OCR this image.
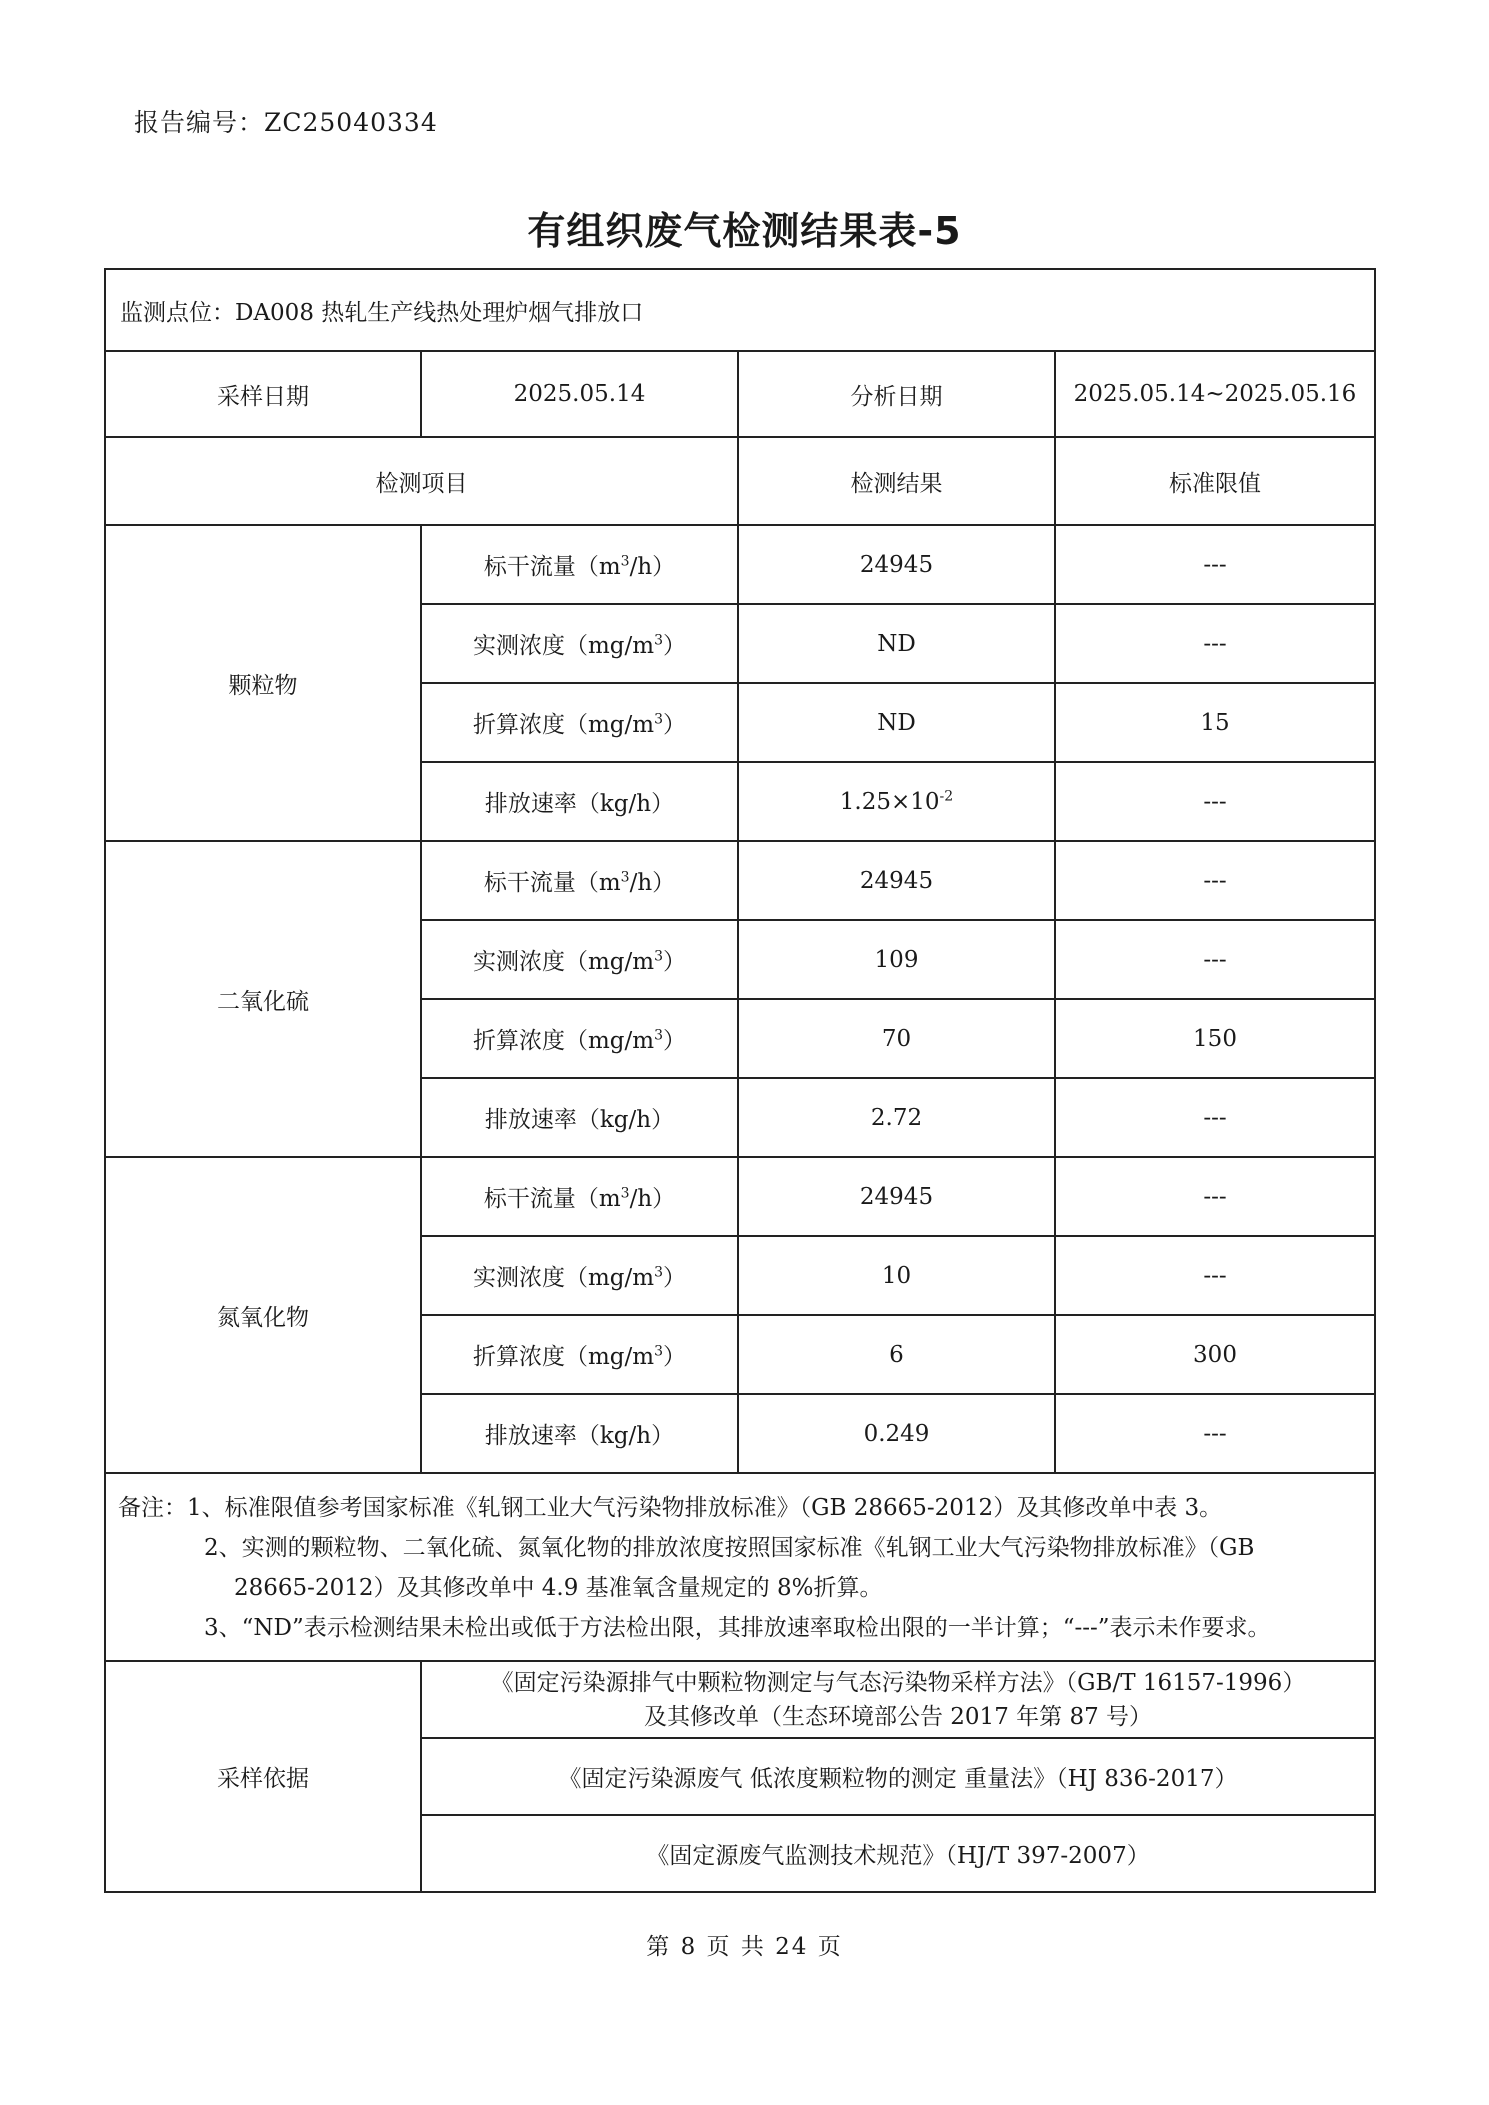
报告编号：ZC25040334
有组织废气检测结果表-5
监测点位：DA008 热轧生产线热处理炉烟气排放口			
采样日期	2025.05.14	分析日期	2025.05.14~2025.05.16
检测项目		检测结果	标准限值
颗粒物	标干流量$(m^3/h)$	24945	---
	实测浓度$(mg/m^3)$	ND	---
	折算浓度$(mg/m^3)$	ND	15
	排放速率（kg/h）	$1.25\times 10^{-2}$	---
二氧化硫	标干流量$(m^3/h)$	24945	---
	实测浓度$(mg/m^3)$	109	---
	折算浓度$(mg/m^3)$	70	150
	排放速率（kg/h）	2.72	---
氮氧化物	标干流量$(m^3/h)$	24945	---
	实测浓度$(mg/m^3)$	10	---
	折算浓度$(mg/m^3)$	6	300
	排放速率（kg/h）	0.249	---

备注：1、标准限值参考国家标准《轧钢工业大气污染物排放标准》（GB 28665-2012）及其修改单中表 3。
2、实测的颗粒物、二氧化硫、氮氧化物的排放浓度按照国家标准《轧钢工业大气污染物排放标准》（GB
28665-2012）及其修改单中 4.9 基准氧含量规定的 8%折算。
3、“ND”表示检测结果未检出或低于方法检出限，其排放速率取检出限的一半计算；“---”表示未作要求。			

采样依据	《固定污染源排气中颗粒物测定与气态污染物采样方法》（GB/T 16157-1996）
及其修改单（生态环境部公告 2017 年第 87 号）		

	《固定污染源废气 低浓度颗粒物的测定 重量法》（HJ 836-2017）		
	《固定源废气监测技术规范》（HJ/T 397-2007）		
第 8 页 共 24 页
